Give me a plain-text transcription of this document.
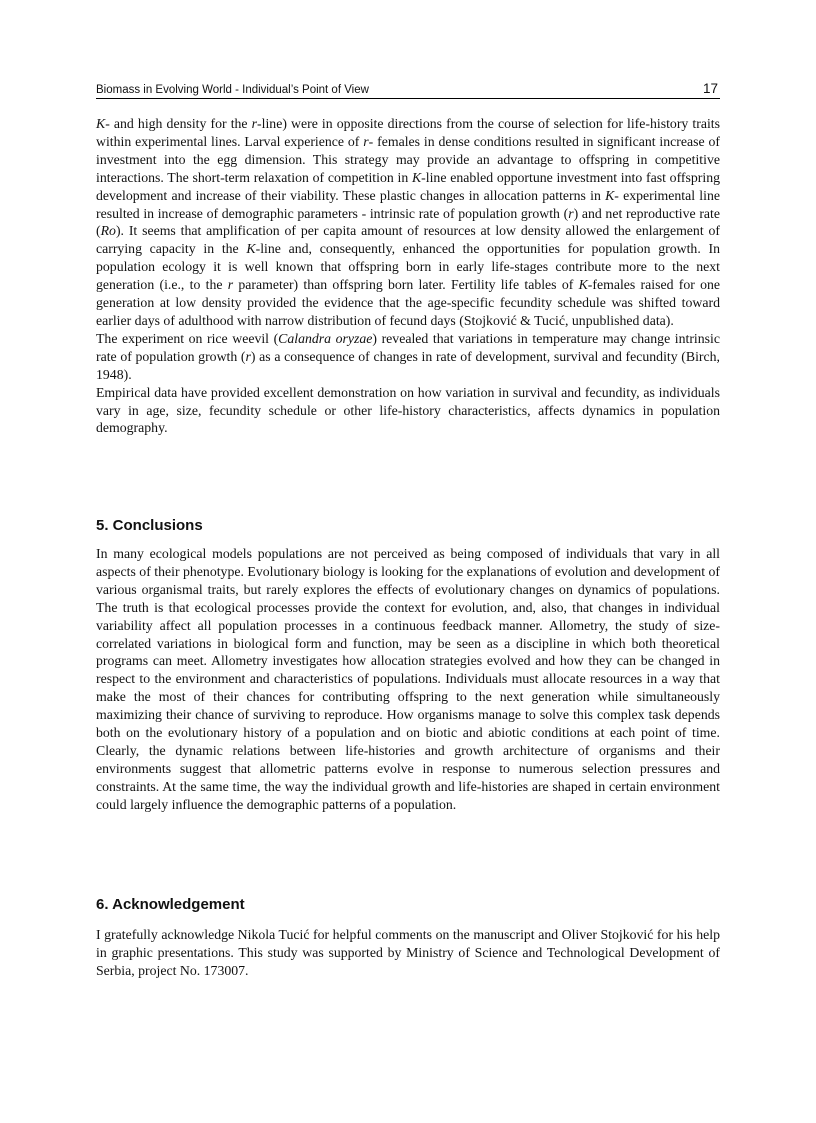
Biomass in Evolving World - Individual’s Point of View	17

K- and high density for the r-line) were in opposite directions from the course of selection for life-history traits within experimental lines. Larval experience of r- females in dense conditions resulted in significant increase of investment into the egg dimension. This strategy may provide an advantage to offspring in competitive interactions. The short-term relaxation of competition in K-line enabled opportune investment into fast offspring development and increase of their viability. These plastic changes in allocation patterns in K- experimental line resulted in increase of demographic parameters - intrinsic rate of population growth (r) and net reproductive rate (Ro). It seems that amplification of per capita amount of resources at low density allowed the enlargement of carrying capacity in the K-line and, consequently, enhanced the opportunities for population growth. In population ecology it is well known that offspring born in early life-stages contribute more to the next generation (i.e., to the r parameter) than offspring born later. Fertility life tables of K-females raised for one generation at low density provided the evidence that the age-specific fecundity schedule was shifted toward earlier days of adulthood with narrow distribution of fecund days (Stojković & Tucić, unpublished data).

The experiment on rice weevil (Calandra oryzae) revealed that variations in temperature may change intrinsic rate of population growth (r) as a consequence of changes in rate of development, survival and fecundity (Birch, 1948).

Empirical data have provided excellent demonstration on how variation in survival and fecundity, as individuals vary in age, size, fecundity schedule or other life-history characteristics, affects dynamics in population demography.

5. Conclusions

In many ecological models populations are not perceived as being composed of individuals that vary in all aspects of their phenotype. Evolutionary biology is looking for the explanations of evolution and development of various organismal traits, but rarely explores the effects of evolutionary changes on dynamics of populations. The truth is that ecological processes provide the context for evolution, and, also, that changes in individual variability affect all population processes in a continuous feedback manner. Allometry, the study of size-correlated variations in biological form and function, may be seen as a discipline in which both theoretical programs can meet. Allometry investigates how allocation strategies evolved and how they can be changed in respect to the environment and characteristics of populations. Individuals must allocate resources in a way that make the most of their chances for contributing offspring to the next generation while simultaneously maximizing their chance of surviving to reproduce. How organisms manage to solve this complex task depends both on the evolutionary history of a population and on biotic and abiotic conditions at each point of time. Clearly, the dynamic relations between life-histories and growth architecture of organisms and their environments suggest that allometric patterns evolve in response to numerous selection pressures and constraints. At the same time, the way the individual growth and life-histories are shaped in certain environment could largely influence the demographic patterns of a population.

6. Acknowledgement

I gratefully acknowledge Nikola Tucić for helpful comments on the manuscript and Oliver Stojković for his help in graphic presentations. This study was supported by Ministry of Science and Technological Development of Serbia, project No. 173007.
